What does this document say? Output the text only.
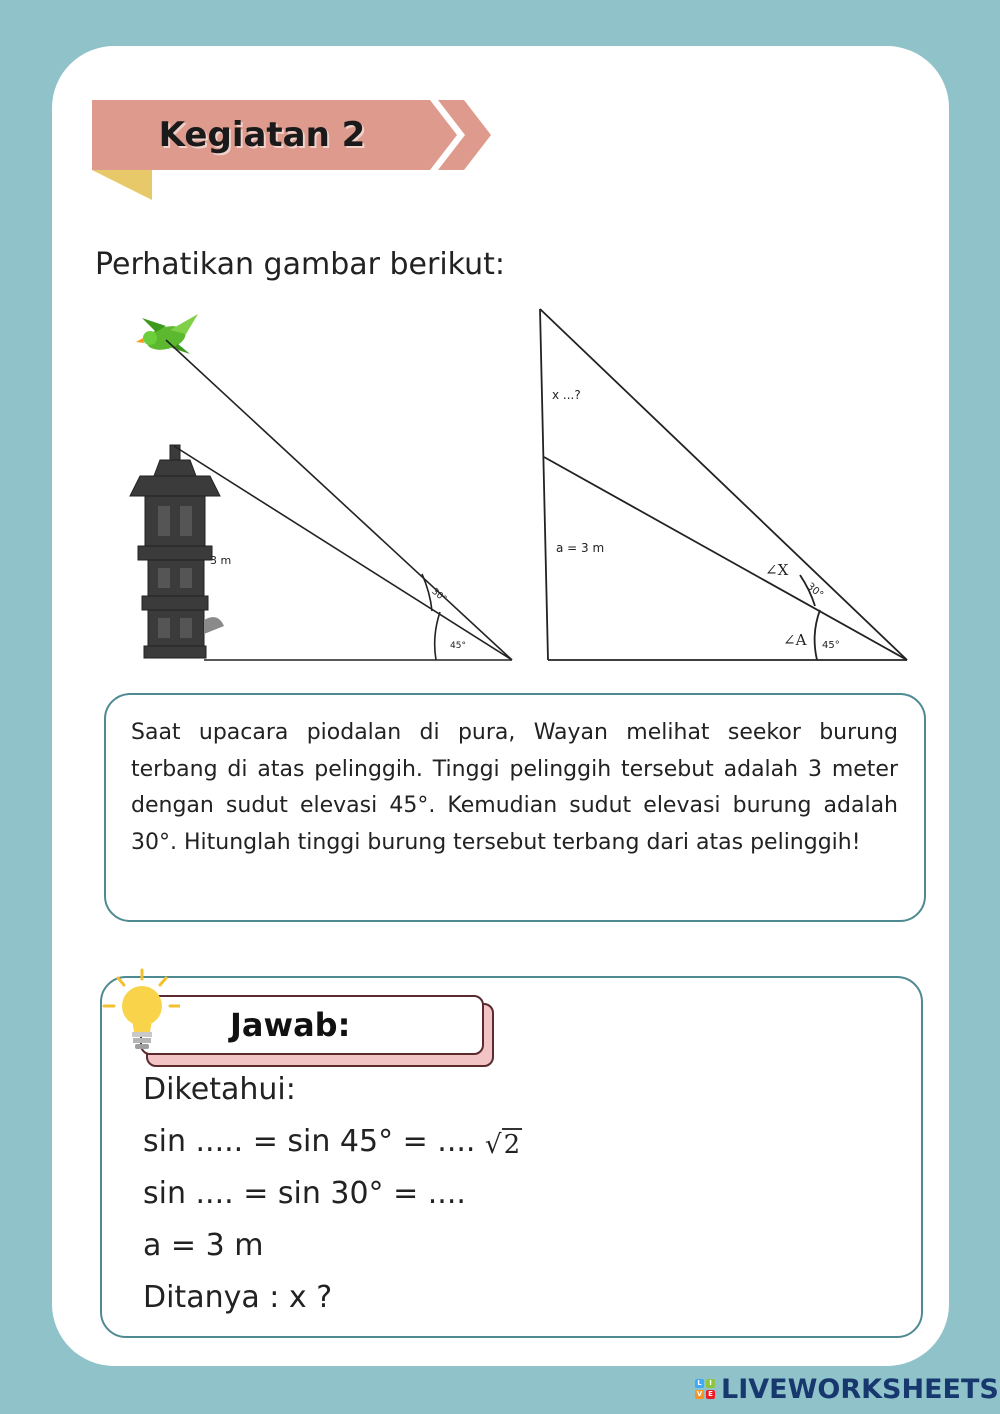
Kegiatan 2
Perhatikan gambar berikut:
3 m
30°
45°
x ...?
a = 3 m
∠X
30°
∠A 45°

Saat upacara piodalan di pura, Wayan melihat seekor burung terbang di atas pelinggih. Tinggi pelinggih tersebut adalah 3 meter dengan sudut elevasi 45°. Kemudian sudut elevasi burung adalah 30°. Hitunglah tinggi burung tersebut terbang dari atas pelinggih!

Jawab:
Diketahui:
sin ..... = sin 45° = .... √2
sin .... = sin 30° = ....
a = 3 m
Ditanya : x ?
L	I
V E LIVEWORKSHEETS
